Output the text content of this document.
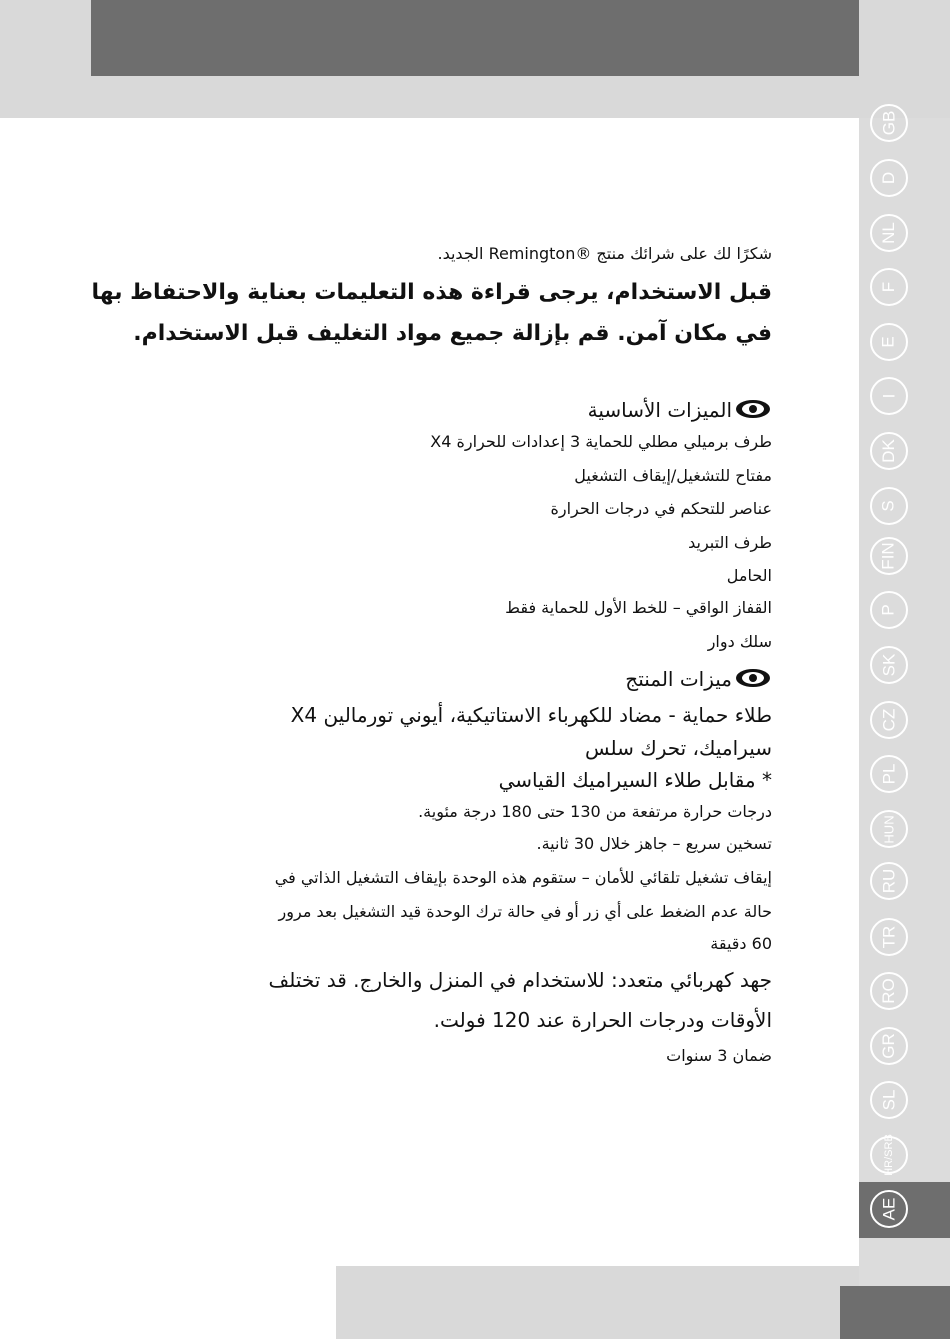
GB
D
NL
F
E
I
DK
S
FIN
P
SK
CZ
PL
HUN
RU
TR
RO
GR
SL
HR/SRB
AE
شكرًا لك على شرائك منتج ®Remington الجديد.
قبل الاستخدام، يرجى قراءة هذه التعليمات بعناية والاحتفاظ بها
في مكان آمن. قم بإزالة جميع مواد التغليف قبل الاستخدام.
الميزات الأساسية
X4 طرف برميلي مطلي للحماية 3 إعدادات للحرارة
مفتاح للتشغيل/إيقاف التشغيل
عناصر للتحكم في درجات الحرارة
طرف التبريد
الحامل
القفاز الواقي – للخط الأول للحماية فقط
سلك دوار
ميزات المنتج
X4 طلاء حماية - مضاد للكهرباء الاستاتيكية، أيوني تورمالين
سيراميك، تحرك سلس
* مقابل طلاء السيراميك القياسي
درجات حرارة مرتفعة من 130 حتى 180 درجة مئوية.
تسخين سريع – جاهز خلال 30 ثانية.
إيقاف تشغيل تلقائي للأمان – ستقوم هذه الوحدة بإيقاف التشغيل الذاتي في
حالة عدم الضغط على أي زر أو في حالة ترك الوحدة قيد التشغيل بعد مرور
60 دقيقة
جهد كهربائي متعدد: للاستخدام في المنزل والخارج. قد تختلف
الأوقات ودرجات الحرارة عند 120 فولت.
ضمان 3 سنوات
